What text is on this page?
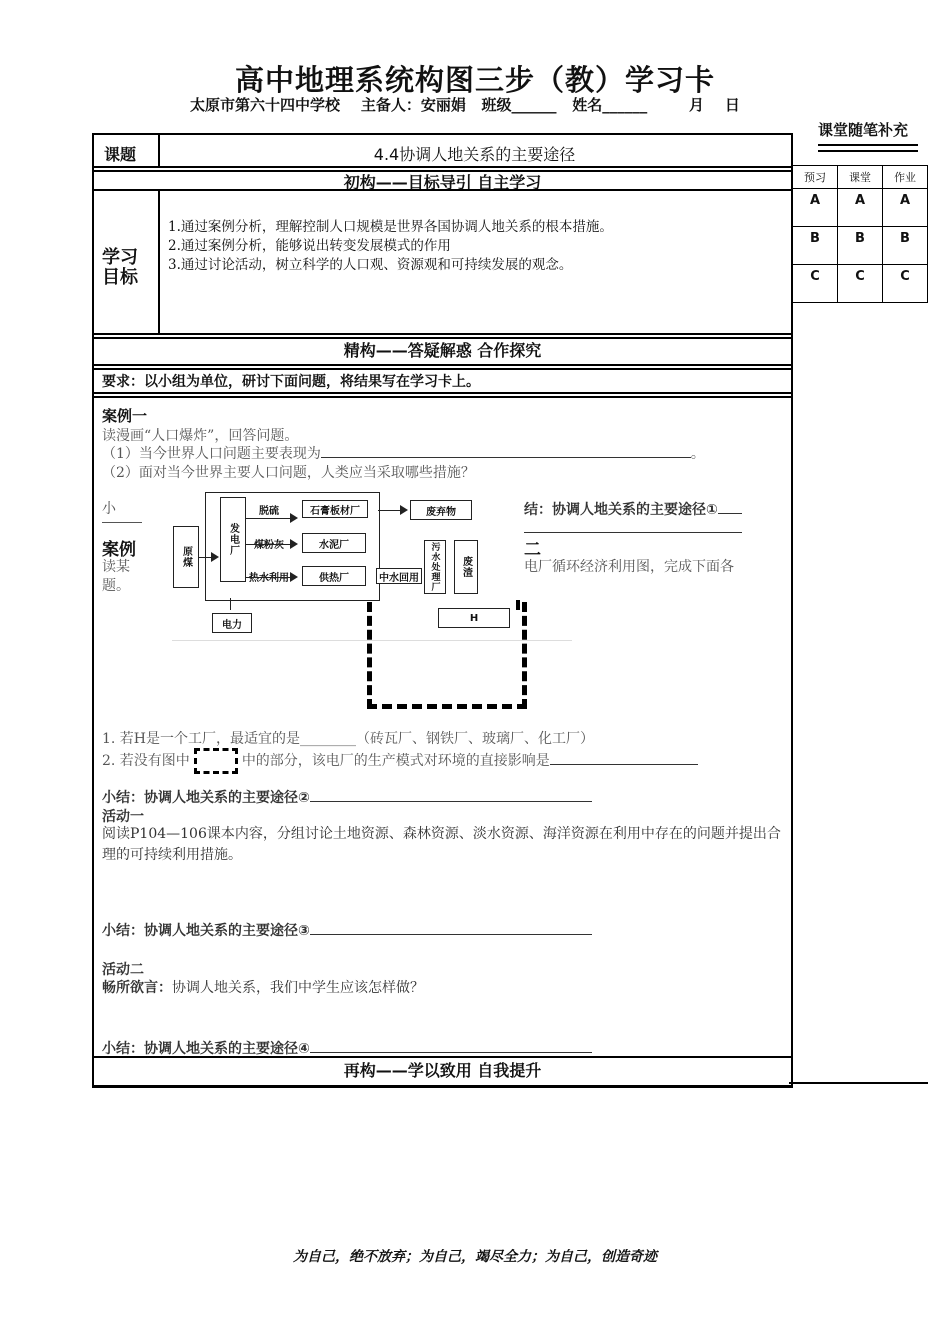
高中地理系统构图三步（教）学习卡
太原市第六十四中学校    主备人：安丽娟   班级______   姓名______        月    日
课堂随笔补充
课题	4.4协调人地关系的主要途径
初构——目标导引 自主学习
学习
目标
1.通过案例分析，理解控制人口规模是世界各国协调人地关系的根本措施。
2.通过案例分析，能够说出转变发展模式的作用
3.通过讨论活动，树立科学的人口观、资源观和可持续发展的观念。
精构——答疑解惑 合作探究
要求：以小组为单位，研讨下面问题，将结果写在学习卡上。
案例一
读漫画“人口爆炸”，回答问题。
（1）当今世界人口问题主要表现为	。
（2）面对当今世界主要人口问题，人类应当采取哪些措施？
结：协调人地关系的主要途径①
小
案例	二
读某
题。
电厂循环经济利用图，完成下面各
原煤
发电厂
脱硫	石膏板材厂
煤粉灰	水泥厂
热水利用	供热厂
废弃物
污水处理厂 废渣
中水回用
H
电力
1. 若H是一个工厂，最适宜的是________（砖瓦厂、钢铁厂、玻璃厂、化工厂）
2. 若没有图中	中的部分，该电厂的生产模式对环境的直接影响是
小结：协调人地关系的主要途径②
活动一
阅读P104—106课本内容，分组讨论土地资源、森林资源、淡水资源、海洋资源在利用中存在的问题并提出合理的可持续利用措施。
小结：协调人地关系的主要途径③
活动二
畅所欲言：协调人地关系，我们中学生应该怎样做？
小结：协调人地关系的主要途径④
再构——学以致用 自我提升
预习	课堂	作业
A	A	A
B	B	B
C	C	C
为自己，绝不放弃；为自己，竭尽全力；为自己，创造奇迹
